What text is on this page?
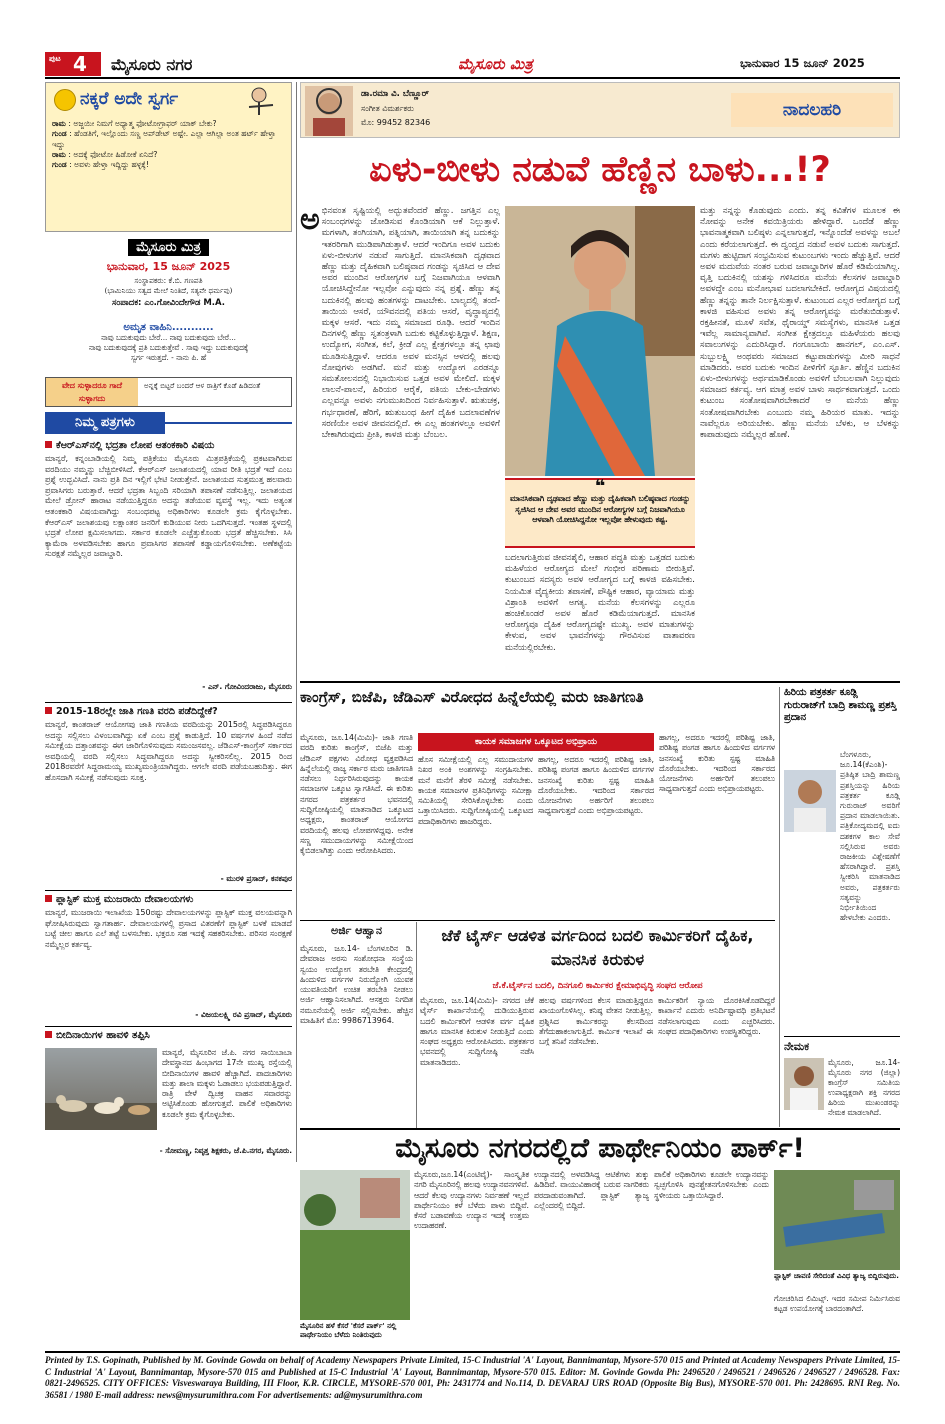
ಪುಟ 4 ಮೈಸೂರು ನಗರ	ಮೈಸೂರು ಮಿತ್ರ	ಭಾನುವಾರ 15 ಜೂನ್ 2025
ನಕ್ಕರೆ ಅದೇ ಸ್ವರ್ಗ
ರಾಮ : ಅಜ್ಜಯೀ ನಿಮಗೆ ಅಧ್ಯಾತ್ಮ ಫೋಟೋಗ್ರಾಫರ್ ಯಾಕ್ ಬೇಕು?
ಗುಂಡ : ಹೆಂಡತಿಗೆ, ಇಲ್ಲೊಂದು ಸಣ್ಣ ಅಪ್‌ಡೇಟ್ ಅಷ್ಟೇ. ಎಲ್ಲಾ ಆಗಿಲ್ಲಾ ಅಂತ ಹರ್ಟ್ ಹೇಳ್ತಾ ಇದ್ದು
ರಾಮ : ಅದಕ್ಕೆ ಫೋಟೋ ಹಿಡೋಕೆ ಏನಿದೆ?
ಗುಂಡ : ಅವಳು ಹೇಳ್ತಾ ಇದ್ದಿದ್ದು ಹಳ್ಳಕ್ಕೆ!
ಮೈಸೂರು ಮಿತ್ರ
ಭಾನುವಾರ, 15 ಜೂನ್ 2025
ಸಂಸ್ಥಾಪಕರು: ಕೆ.ಬಿ. ಗಣಪತಿ
(ಭಾಮಿನಿಯು ಸತ್ವದ ಮೇಲೆ ನಿಂತಿದೆ, ಸತ್ಯವೇ ಧರ್ಮವು)
ಸಂಪಾದಕ: ಎಂ.ಗೋವಿಂದೇಗೌಡ M.A.
ಅಮೃತ ವಾಹಿನಿ...........
ನಾವು ಬದುಕುವುದು ಬೇರೆ... ನಾವು ಬದುಕುವುದು ಬೇರೆ...
ನಾವು ಬದುಕುವುದಕ್ಕೆ ಪ್ರತಿ ಬದುಕುತ್ತೇವೆ . ಸಾವು ಇದ್ದು ಬದುಕುವುದಕ್ಕೆ
ಸ್ವರ್ಗ ಇರುತ್ತದೆ. - ನಾನು ಪಿ. ಹೆ
ವೇದ ಸುಳ್ಳಾದರೂ ಗಾದೆ ಸುಳ್ಳಾಗದು
ಅನ್ನಕ್ಕೆ ಬಿಟ್ಟರೆ ಬಂದರೆ ಆಳ ರಾತ್ರಿಗೆ ಕೊಡೆ ಹಿಡಿದಂತೆ
ನಿಮ್ಮ ಪತ್ರಗಳು
ಕೆಆರ್‌ಎಸ್‌ನಲ್ಲಿ ಭದ್ರತಾ ಲೋಪ ಆತಂಕಕಾರಿ ವಿಷಯ
ಮಾನ್ಯರೆ, ಕನ್ನಂಬಾಡಿಯಲ್ಲಿ ನಿಮ್ಮ ಪತ್ರಿಕೆಯು ಮೈಸೂರು ಮಿತ್ರಪತ್ರಿಕೆಯಲ್ಲಿ ಪ್ರಕಟವಾಗಿರುವ ವರದಿಯು ನಮ್ಮನ್ನು ಬೆಚ್ಚಿಬೀಳಿಸಿದೆ. ಕೆಆರ್‌ಎಸ್ ಜಲಾಶಯದಲ್ಲಿ ಯಾವ ರೀತಿ ಭದ್ರತೆ ಇದೆ ಎಂಬ ಪ್ರಶ್ನೆ ಉದ್ಭವಿಸಿದೆ. ನಾನು ಪ್ರತಿ ದಿನ ಇಲ್ಲಿಗೆ ಭೇಟಿ ನೀಡುತ್ತೇನೆ. ಜಲಾಶಯದ ಸುತ್ತಮುತ್ತ ಹಲವಾರು ಪ್ರವಾಸಿಗರು ಬರುತ್ತಾರೆ. ಆದರೆ ಭದ್ರತಾ ಸಿಬ್ಬಂದಿ ಸರಿಯಾಗಿ ತಪಾಸಣೆ ನಡೆಸುತ್ತಿಲ್ಲ. ಜಲಾಶಯದ ಮೇಲೆ ಡ್ರೋನ್ ಹಾರಾಟ ನಡೆಯುತ್ತಿದ್ದರೂ ಅದನ್ನು ತಡೆಯುವ ವ್ಯವಸ್ಥೆ ಇಲ್ಲ. ಇದು ಅತ್ಯಂತ ಆತಂಕಕಾರಿ ವಿಷಯವಾಗಿದ್ದು ಸಂಬಂಧಪಟ್ಟ ಅಧಿಕಾರಿಗಳು ಕೂಡಲೇ ಕ್ರಮ ಕೈಗೊಳ್ಳಬೇಕು. ಕೆಆರ್‌ಎಸ್ ಜಲಾಶಯವು ಲಕ್ಷಾಂತರ ಜನರಿಗೆ ಕುಡಿಯುವ ನೀರು ಒದಗಿಸುತ್ತದೆ. ಇಂತಹ ಸ್ಥಳದಲ್ಲಿ ಭದ್ರತೆ ಲೋಪ ಕ್ಷಮಿಸಲಾಗದು. ಸರ್ಕಾರ ಕೂಡಲೇ ಎಚ್ಚೆತ್ತುಕೊಂಡು ಭದ್ರತೆ ಹೆಚ್ಚಿಸಬೇಕು. ಸಿಸಿ ಕ್ಯಾಮೆರಾ ಅಳವಡಿಸಬೇಕು ಹಾಗೂ ಪ್ರವಾಸಿಗರ ತಪಾಸಣೆ ಕಡ್ಡಾಯಗೊಳಿಸಬೇಕು. ಅಣೆಕಟ್ಟೆಯ ಸುರಕ್ಷತೆ ನಮ್ಮೆಲ್ಲರ ಜವಾಬ್ದಾರಿ.
- ಎನ್. ಗೋವಿಂದರಾಜು, ಮೈಸೂರು
2015-18ರಲ್ಲೇ ಜಾತಿ ಗಣತಿ ವರದಿ ಪಡೆದಿದ್ದೇಕೆ?
ಮಾನ್ಯರೆ, ಕಾಂತರಾಜ್ ಆಯೋಗವು ಜಾತಿ ಗಣತಿಯ ವರದಿಯನ್ನು 2015ರಲ್ಲಿ ಸಿದ್ಧಪಡಿಸಿದ್ದರೂ ಅದನ್ನು ಸಲ್ಲಿಸಲು ವಿಳಂಬವಾಗಿದ್ದು ಏಕೆ ಎಂಬ ಪ್ರಶ್ನೆ ಕಾಡುತ್ತಿದೆ. 10 ವರ್ಷಗಳ ಹಿಂದೆ ನಡೆದ ಸಮೀಕ್ಷೆಯ ದತ್ತಾಂಶವನ್ನು ಈಗ ಜಾರಿಗೊಳಿಸುವುದು ಸಮಂಜಸವಲ್ಲ. ಜೆಡಿಎಸ್-ಕಾಂಗ್ರೆಸ್ ಸರ್ಕಾರದ ಅವಧಿಯಲ್ಲಿ ವರದಿ ಸಲ್ಲಿಸಲು ಸಿದ್ಧವಾಗಿದ್ದರೂ ಅದನ್ನು ಸ್ವೀಕರಿಸಲಿಲ್ಲ. 2015 ರಿಂದ 2018ರವರೆಗೆ ಸಿದ್ದರಾಮಯ್ಯ ಮುಖ್ಯಮಂತ್ರಿಯಾಗಿದ್ದರು. ಆಗಲೇ ವರದಿ ಪಡೆಯಬಹುದಿತ್ತು. ಈಗ ಹೊಸದಾಗಿ ಸಮೀಕ್ಷೆ ನಡೆಸುವುದು ಸೂಕ್ತ.
- ಮುರಳಿ ಪ್ರಸಾದ್, ಕನಕಪುರ
ಪ್ಲಾಸ್ಟಿಕ್ ಮುಕ್ತ ಮುಜರಾಯಿ ದೇವಾಲಯಗಳು
ಮಾನ್ಯರೆ, ಮುಜರಾಯಿ ಇಲಾಖೆಯ 150ರಷ್ಟು ದೇವಾಲಯಗಳನ್ನು ಪ್ಲಾಸ್ಟಿಕ್ ಮುಕ್ತ ವಲಯವನ್ನಾಗಿ ಘೋಷಿಸಿರುವುದು ಸ್ವಾಗತಾರ್ಹ. ದೇವಾಲಯಗಳಲ್ಲಿ ಪ್ರಸಾದ ವಿತರಣೆಗೆ ಪ್ಲಾಸ್ಟಿಕ್ ಬಳಕೆ ಮಾಡದೆ ಬಟ್ಟೆ ಚೀಲ ಹಾಗೂ ಎಲೆ ತಟ್ಟೆ ಬಳಸಬೇಕು. ಭಕ್ತರೂ ಸಹ ಇದಕ್ಕೆ ಸಹಕರಿಸಬೇಕು. ಪರಿಸರ ಸಂರಕ್ಷಣೆ ನಮ್ಮೆಲ್ಲರ ಕರ್ತವ್ಯ.
- ವಿಜಯಲಕ್ಷ್ಮಿ ರವಿ ಪ್ರಸಾದ್, ಮೈಸೂರು
ಬೀದಿನಾಯಿಗಳ ಹಾವಳಿ ತಪ್ಪಿಸಿ
ಮಾನ್ಯರೆ, ಮೈಸೂರಿನ ಜೆ.ಪಿ. ನಗರ ಸಾಯಿಬಾಬಾ ದೇವಸ್ಥಾನದ ಹಿಂಭಾಗದ 17ನೇ ಮುಖ್ಯ ರಸ್ತೆಯಲ್ಲಿ ಬೀದಿನಾಯಿಗಳ ಹಾವಳಿ ಹೆಚ್ಚಾಗಿದೆ. ಪಾದಚಾರಿಗಳು ಮತ್ತು ಶಾಲಾ ಮಕ್ಕಳು ಓಡಾಡಲು ಭಯಪಡುತ್ತಿದ್ದಾರೆ. ರಾತ್ರಿ ವೇಳೆ ದ್ವಿಚಕ್ರ ವಾಹನ ಸವಾರರನ್ನು ಅಟ್ಟಿಸಿಕೊಂಡು ಹೋಗುತ್ತವೆ. ಪಾಲಿಕೆ ಅಧಿಕಾರಿಗಳು ಕೂಡಲೇ ಕ್ರಮ ಕೈಗೊಳ್ಳಬೇಕು.
- ಸೋಮಣ್ಣ, ನಿವೃತ್ತ ಶಿಕ್ಷಕರು, ಜೆ.ಪಿ.ನಗರ, ಮೈಸೂರು.
ಡಾ.ರಮಾ ವಿ. ಬೆಣ್ಣೂರ್
ಸಂಗೀತ ವಿಮರ್ಶಕರು
ಮೊ: 99452 82346
ನಾದಲಹರಿ
ಏಳು-ಬೀಳು ನಡುವೆ ಹೆಣ್ಣಿನ ಬಾಳು...!?
ಅ ಭಿನವಂತ ಸೃಷ್ಟಿಯಲ್ಲಿ ಅದ್ಭುತವೆಂದರೆ ಹೆಣ್ಣು. ಜಗತ್ತಿನ ಎಲ್ಲ ಸಂಬಂಧಗಳನ್ನು ಜೋಡಿಸುವ ಕೊಂಡಿಯಾಗಿ ಆಕೆ ನಿಲ್ಲುತ್ತಾಳೆ. ಮಗಳಾಗಿ, ತಂಗಿಯಾಗಿ, ಪತ್ನಿಯಾಗಿ, ತಾಯಿಯಾಗಿ ತನ್ನ ಬದುಕನ್ನು ಇತರರಿಗಾಗಿ ಮುಡಿಪಾಗಿಡುತ್ತಾಳೆ. ಆದರೆ ಇಂದಿಗೂ ಅವಳ ಬದುಕು ಏಳು-ಬೀಳುಗಳ ನಡುವೆ ಸಾಗುತ್ತಿದೆ. ಮಾನಸಿಕವಾಗಿ ದೃಢವಾದ ಹೆಣ್ಣು ಮತ್ತು ದೈಹಿಕವಾಗಿ ಬಲಿಷ್ಠವಾದ ಗಂಡನ್ನು ಸೃಜಿಸಿದ ಆ ದೇವ ಅವರ ಮುಂದಿನ ಆರೋಗ್ಯಗಳ ಬಗ್ಗೆ ನಿಜವಾಗಿಯೂ ಆಳವಾಗಿ ಯೋಚಿಸಿದ್ದೇನೋ ಇಲ್ಲವೋ ಎನ್ನುವುದು ನನ್ನ ಪ್ರಶ್ನೆ. ಹೆಣ್ಣು ತನ್ನ ಬದುಕಿನಲ್ಲಿ ಹಲವು ಹಂತಗಳನ್ನು ದಾಟಬೇಕು. ಬಾಲ್ಯದಲ್ಲಿ ತಂದೆ-ತಾಯಿಯ ಆಸರೆ, ಯೌವನದಲ್ಲಿ ಪತಿಯ ಆಸರೆ, ವೃದ್ಧಾಪ್ಯದಲ್ಲಿ ಮಕ್ಕಳ ಆಸರೆ. ಇದು ನಮ್ಮ ಸಮಾಜದ ರೂಢಿ. ಆದರೆ ಇಂದಿನ ದಿನಗಳಲ್ಲಿ ಹೆಣ್ಣು ಸ್ವತಂತ್ರಳಾಗಿ ಬದುಕು ಕಟ್ಟಿಕೊಳ್ಳುತ್ತಿದ್ದಾಳೆ. ಶಿಕ್ಷಣ, ಉದ್ಯೋಗ, ಸಂಗೀತ, ಕಲೆ, ಕ್ರೀಡೆ ಎಲ್ಲ ಕ್ಷೇತ್ರಗಳಲ್ಲೂ ತನ್ನ ಛಾಪು ಮೂಡಿಸುತ್ತಿದ್ದಾಳೆ. ಆದರೂ ಅವಳ ಮನಸ್ಸಿನ ಆಳದಲ್ಲಿ ಹಲವು ನೋವುಗಳು ಅಡಗಿವೆ. ಮನೆ ಮತ್ತು ಉದ್ಯೋಗ ಎರಡನ್ನೂ ಸಮತೋಲನದಲ್ಲಿ ನಿಭಾಯಿಸುವ ಒತ್ತಡ ಅವಳ ಮೇಲಿದೆ. ಮಕ್ಕಳ ಲಾಲನೆ-ಪಾಲನೆ, ಹಿರಿಯರ ಆರೈಕೆ, ಪತಿಯ ಬೇಕು-ಬೇಡಗಳು ಎಲ್ಲವನ್ನೂ ಅವಳು ನಗುಮುಖದಿಂದ ನಿರ್ವಹಿಸುತ್ತಾಳೆ. ಋತುಚಕ್ರ, ಗರ್ಭಧಾರಣೆ, ಹೆರಿಗೆ, ಋತುಬಂಧ ಹೀಗೆ ದೈಹಿಕ ಬದಲಾವಣೆಗಳ ಸರಣಿಯೇ ಅವಳ ಜೀವನದಲ್ಲಿದೆ. ಈ ಎಲ್ಲ ಹಂತಗಳಲ್ಲೂ ಅವಳಿಗೆ ಬೇಕಾಗಿರುವುದು ಪ್ರೀತಿ, ಕಾಳಜಿ ಮತ್ತು ಬೆಂಬಲ.
❝
ಮಾನಸಿಕವಾಗಿ ದೃಢವಾದ ಹೆಣ್ಣು ಮತ್ತು ದೈಹಿಕವಾಗಿ ಬಲಿಷ್ಠವಾದ ಗಂಡನ್ನು ಸೃಜಿಸಿದ ಆ ದೇವ ಅವರ ಮುಂದಿನ ಆರೋಗ್ಯಗಳ ಬಗ್ಗೆ ನಿಜವಾಗಿಯೂ ಆಳವಾಗಿ ಯೋಚಿಸಿದ್ದನೋ ಇಲ್ಲವೋ ಹೇಳುವುದು ಕಷ್ಟ.
ಬದಲಾಗುತ್ತಿರುವ ಜೀವನಶೈಲಿ, ಆಹಾರ ಪದ್ಧತಿ ಮತ್ತು ಒತ್ತಡದ ಬದುಕು ಮಹಿಳೆಯರ ಆರೋಗ್ಯದ ಮೇಲೆ ಗಂಭೀರ ಪರಿಣಾಮ ಬೀರುತ್ತಿವೆ. ಕುಟುಂಬದ ಸದಸ್ಯರು ಅವಳ ಆರೋಗ್ಯದ ಬಗ್ಗೆ ಕಾಳಜಿ ವಹಿಸಬೇಕು. ನಿಯಮಿತ ವೈದ್ಯಕೀಯ ತಪಾಸಣೆ, ಪೌಷ್ಟಿಕ ಆಹಾರ, ವ್ಯಾಯಾಮ ಮತ್ತು ವಿಶ್ರಾಂತಿ ಅವಳಿಗೆ ಅಗತ್ಯ. ಮನೆಯ ಕೆಲಸಗಳನ್ನು ಎಲ್ಲರೂ ಹಂಚಿಕೊಂಡರೆ ಅವಳ ಹೊರೆ ಕಡಿಮೆಯಾಗುತ್ತದೆ. ಮಾನಸಿಕ ಆರೋಗ್ಯವೂ ದೈಹಿಕ ಆರೋಗ್ಯದಷ್ಟೇ ಮುಖ್ಯ. ಅವಳ ಮಾತುಗಳನ್ನು ಕೇಳುವ, ಅವಳ ಭಾವನೆಗಳನ್ನು ಗೌರವಿಸುವ ವಾತಾವರಣ ಮನೆಯಲ್ಲಿರಬೇಕು.
ಮತ್ತು ನನ್ನನ್ನು ಕೊಡುವುದು ಎಂದು. ತನ್ನ ಕವಿತೆಗಳ ಮೂಲಕ ಈ ನೋವನ್ನು ಅನೇಕ ಕವಯಿತ್ರಿಯರು ಹೇಳಿದ್ದಾರೆ. ಒಂದೆಡೆ ಹೆಣ್ಣು ಭಾವನಾತ್ಮಕವಾಗಿ ಬಲಿಷ್ಠಳು ಎನ್ನಲಾಗುತ್ತದೆ, ಇನ್ನೊಂದೆಡೆ ಅವಳನ್ನು ಅಬಲೆ ಎಂದು ಕರೆಯಲಾಗುತ್ತದೆ. ಈ ದ್ವಂದ್ವದ ನಡುವೆ ಅವಳ ಬದುಕು ಸಾಗುತ್ತದೆ. ಮಗಳು ಹುಟ್ಟಿದಾಗ ಸಂಭ್ರಮಿಸುವ ಕುಟುಂಬಗಳು ಇಂದು ಹೆಚ್ಚುತ್ತಿವೆ. ಆದರೆ ಅವಳ ಮದುವೆಯ ನಂತರ ಬರುವ ಜವಾಬ್ದಾರಿಗಳ ಹೊರೆ ಕಡಿಮೆಯಾಗಿಲ್ಲ. ವೃತ್ತಿ ಬದುಕಿನಲ್ಲಿ ಯಶಸ್ಸು ಗಳಿಸಿದರೂ ಮನೆಯ ಕೆಲಸಗಳ ಜವಾಬ್ದಾರಿ ಅವಳದ್ದೇ ಎಂಬ ಮನೋಭಾವ ಬದಲಾಗಬೇಕಿದೆ. ಆರೋಗ್ಯದ ವಿಷಯದಲ್ಲಿ ಹೆಣ್ಣು ತನ್ನನ್ನು ತಾನೇ ನಿರ್ಲಕ್ಷಿಸುತ್ತಾಳೆ. ಕುಟುಂಬದ ಎಲ್ಲರ ಆರೋಗ್ಯದ ಬಗ್ಗೆ ಕಾಳಜಿ ವಹಿಸುವ ಅವಳು ತನ್ನ ಆರೋಗ್ಯವನ್ನು ಮರೆತುಬಿಡುತ್ತಾಳೆ. ರಕ್ತಹೀನತೆ, ಮೂಳೆ ಸವೆತ, ಥೈರಾಯ್ಡ್ ಸಮಸ್ಯೆಗಳು, ಮಾನಸಿಕ ಒತ್ತಡ ಇವೆಲ್ಲ ಸಾಮಾನ್ಯವಾಗಿವೆ. ಸಂಗೀತ ಕ್ಷೇತ್ರದಲ್ಲೂ ಮಹಿಳೆಯರು ಹಲವು ಸವಾಲುಗಳನ್ನು ಎದುರಿಸಿದ್ದಾರೆ. ಗಂಗೂಬಾಯಿ ಹಾನಗಲ್, ಎಂ.ಎಸ್. ಸುಬ್ಬುಲಕ್ಷ್ಮಿ ಅಂಥವರು ಸಮಾಜದ ಕಟ್ಟುಪಾಡುಗಳನ್ನು ಮೀರಿ ಸಾಧನೆ ಮಾಡಿದರು. ಅವರ ಬದುಕು ಇಂದಿನ ಪೀಳಿಗೆಗೆ ಸ್ಫೂರ್ತಿ. ಹೆಣ್ಣಿನ ಬದುಕಿನ ಏಳು-ಬೀಳುಗಳನ್ನು ಅರ್ಥಮಾಡಿಕೊಂಡು ಅವಳಿಗೆ ಬೆಂಬಲವಾಗಿ ನಿಲ್ಲುವುದು ಸಮಾಜದ ಕರ್ತವ್ಯ. ಆಗ ಮಾತ್ರ ಅವಳ ಬಾಳು ಸಾರ್ಥಕವಾಗುತ್ತದೆ. ಒಂದು ಕುಟುಂಬ ಸಂತೋಷವಾಗಿರಬೇಕಾದರೆ ಆ ಮನೆಯ ಹೆಣ್ಣು ಸಂತೋಷವಾಗಿರಬೇಕು ಎಂಬುದು ನಮ್ಮ ಹಿರಿಯರ ಮಾತು. ಇದನ್ನು ನಾವೆಲ್ಲರೂ ಅರಿಯಬೇಕು. ಹೆಣ್ಣು ಮನೆಯ ಬೆಳಕು, ಆ ಬೆಳಕನ್ನು ಕಾಪಾಡುವುದು ನಮ್ಮೆಲ್ಲರ ಹೊಣೆ.
ಕಾಂಗ್ರೆಸ್, ಬಿಜೆಪಿ, ಜೆಡಿಎಸ್ ವಿರೋಧದ ಹಿನ್ನೆಲೆಯಲ್ಲಿ ಮರು ಜಾತಿಗಣತಿ
ಮೈಸೂರು, ಜೂ.14(ಮಿಮಿ)- ಜಾತಿ ಗಣತಿ ವರದಿ ಕುರಿತು ಕಾಂಗ್ರೆಸ್, ಬಿಜೆಪಿ ಮತ್ತು ಜೆಡಿಎಸ್ ಪಕ್ಷಗಳು ವಿರೋಧ ವ್ಯಕ್ತಪಡಿಸಿದ ಹಿನ್ನೆಲೆಯಲ್ಲಿ ರಾಜ್ಯ ಸರ್ಕಾರ ಮರು ಜಾತಿಗಣತಿ ನಡೆಸಲು ನಿರ್ಧರಿಸಿರುವುದನ್ನು ಕಾಯಕ ಸಮಾಜಗಳ ಒಕ್ಕೂಟ ಸ್ವಾಗತಿಸಿದೆ. ಈ ಕುರಿತು ನಗರದ ಪತ್ರಕರ್ತರ ಭವನದಲ್ಲಿ ಸುದ್ದಿಗೋಷ್ಠಿಯಲ್ಲಿ ಮಾತನಾಡಿದ ಒಕ್ಕೂಟದ ಅಧ್ಯಕ್ಷರು, ಕಾಂತರಾಜ್ ಆಯೋಗದ ವರದಿಯಲ್ಲಿ ಹಲವು ಲೋಪಗಳಿದ್ದವು. ಅನೇಕ ಸಣ್ಣ ಸಮುದಾಯಗಳನ್ನು ಸಮೀಕ್ಷೆಯಿಂದ ಕೈಬಿಡಲಾಗಿತ್ತು ಎಂದು ಆರೋಪಿಸಿದರು.
ಕಾಯಕ ಸಮಾಜಗಳ ಒಕ್ಕೂಟದ ಅಭಿಪ್ರಾಯ
ಹೊಸ ಸಮೀಕ್ಷೆಯಲ್ಲಿ ಎಲ್ಲ ಸಮುದಾಯಗಳ ನಿಖರ ಅಂಕಿ ಅಂಶಗಳನ್ನು ಸಂಗ್ರಹಿಸಬೇಕು. ಮನೆ ಮನೆಗೆ ತೆರಳಿ ಸಮೀಕ್ಷೆ ನಡೆಸಬೇಕು. ಕಾಯಕ ಸಮಾಜಗಳ ಪ್ರತಿನಿಧಿಗಳನ್ನು ಸಮೀಕ್ಷಾ ಸಮಿತಿಯಲ್ಲಿ ಸೇರಿಸಿಕೊಳ್ಳಬೇಕು ಎಂದು ಒತ್ತಾಯಿಸಿದರು. ಸುದ್ದಿಗೋಷ್ಠಿಯಲ್ಲಿ ಒಕ್ಕೂಟದ ಪದಾಧಿಕಾರಿಗಳು ಹಾಜರಿದ್ದರು.
ಹಾಗಲ್ಲ, ಅದರೂ ಇದರಲ್ಲಿ ಪರಿಶಿಷ್ಟ ಜಾತಿ, ಪರಿಶಿಷ್ಟ ಪಂಗಡ ಹಾಗೂ ಹಿಂದುಳಿದ ವರ್ಗಗಳ ಜನಸಂಖ್ಯೆ ಕುರಿತು ಸ್ಪಷ್ಟ ಮಾಹಿತಿ ದೊರೆಯಬೇಕು. ಇದರಿಂದ ಸರ್ಕಾರದ ಯೋಜನೆಗಳು ಅರ್ಹರಿಗೆ ತಲುಪಲು ಸಾಧ್ಯವಾಗುತ್ತದೆ ಎಂದು ಅಭಿಪ್ರಾಯಪಟ್ಟರು.
ಹಾಗಲ್ಲ, ಅದರೂ ಇದರಲ್ಲಿ ಪರಿಶಿಷ್ಟ ಜಾತಿ, ಪರಿಶಿಷ್ಟ ಪಂಗಡ ಹಾಗೂ ಹಿಂದುಳಿದ ವರ್ಗಗಳ ಜನಸಂಖ್ಯೆ ಕುರಿತು ಸ್ಪಷ್ಟ ಮಾಹಿತಿ ದೊರೆಯಬೇಕು. ಇದರಿಂದ ಸರ್ಕಾರದ ಯೋಜನೆಗಳು ಅರ್ಹರಿಗೆ ತಲುಪಲು ಸಾಧ್ಯವಾಗುತ್ತದೆ ಎಂದು ಅಭಿಪ್ರಾಯಪಟ್ಟರು.
ಹಿರಿಯ ಪತ್ರಕರ್ತ ಕೂಡ್ಲಿ ಗುರುರಾಜ್‌ಗೆ ಬಾದ್ರಿ ಶಾಮಣ್ಣ ಪ್ರಶಸ್ತಿ ಪ್ರದಾನ
ಬೆಂಗಳೂರು, ಜೂ.14(ಕೆಎಂಶಿ)- ಪ್ರತಿಷ್ಠಿತ ಬಾದ್ರಿ ಶಾಮಣ್ಣ ಪ್ರಶಸ್ತಿಯನ್ನು ಹಿರಿಯ ಪತ್ರಕರ್ತ ಕೂಡ್ಲಿ ಗುರುರಾಜ್ ಅವರಿಗೆ ಪ್ರದಾನ ಮಾಡಲಾಯಿತು. ಪತ್ರಿಕೋದ್ಯಮದಲ್ಲಿ ಐದು ದಶಕಗಳ ಕಾಲ ಸೇವೆ ಸಲ್ಲಿಸಿರುವ ಅವರು ರಾಜಕೀಯ ವಿಶ್ಲೇಷಣೆಗೆ ಹೆಸರಾಗಿದ್ದಾರೆ. ಪ್ರಶಸ್ತಿ ಸ್ವೀಕರಿಸಿ ಮಾತನಾಡಿದ ಅವರು, ಪತ್ರಕರ್ತರು ಸತ್ಯವನ್ನು ನಿರ್ಭೀತಿಯಿಂದ ಹೇಳಬೇಕು ಎಂದರು.
ನೇಮಕ
ಮೈಸೂರು, ಜೂ.14- ಮೈಸೂರು ನಗರ (ಜಿಲ್ಲಾ) ಕಾಂಗ್ರೆಸ್ ಸಮಿತಿಯ ಉಪಾಧ್ಯಕ್ಷರಾಗಿ ಶಕ್ತಿ ನಗರದ ಹಿರಿಯ ಮುಖಂಡರನ್ನು ನೇಮಕ ಮಾಡಲಾಗಿದೆ.
ಅರ್ಜಿ ಆಹ್ವಾನ
ಮೈಸೂರು, ಜೂ.14- ಬೆಂಗಳೂರಿನ ಡಿ. ದೇವರಾಜ ಅರಸು ಸಂಶೋಧನಾ ಸಂಸ್ಥೆಯ ಸ್ವಯಂ ಉದ್ಯೋಗ ತರಬೇತಿ ಕೇಂದ್ರದಲ್ಲಿ ಹಿಂದುಳಿದ ವರ್ಗಗಳ ನಿರುದ್ಯೋಗಿ ಯುವಕ ಯುವತಿಯರಿಗೆ ಉಚಿತ ತರಬೇತಿ ನೀಡಲು ಅರ್ಜಿ ಆಹ್ವಾನಿಸಲಾಗಿದೆ. ಆಸಕ್ತರು ನಿಗದಿತ ನಮೂನೆಯಲ್ಲಿ ಅರ್ಜಿ ಸಲ್ಲಿಸಬೇಕು. ಹೆಚ್ಚಿನ ಮಾಹಿತಿಗೆ ಮೊ: 9986713964.
ಜೆಕೆ ಟೈರ್ಸ್ ಆಡಳಿತ ವರ್ಗದಿಂದ ಬದಲಿ ಕಾರ್ಮಿಕರಿಗೆ ದೈಹಿಕ, ಮಾನಸಿಕ ಕಿರುಕುಳ
ಜೆ.ಕೆ.ಟೈರ್ಸ್‌ನ ಬದಲಿ, ದಿನಗೂಲಿ ಕಾರ್ಮಿಕರ ಕ್ಷೇಮಾಭಿವೃದ್ಧಿ ಸಂಘದ ಆರೋಪ
ಮೈಸೂರು, ಜೂ.14(ಮಿಮಿ)- ನಗರದ ಜೆಕೆ ಟೈರ್ಸ್ ಕಾರ್ಖಾನೆಯಲ್ಲಿ ದುಡಿಯುತ್ತಿರುವ ಬದಲಿ ಕಾರ್ಮಿಕರಿಗೆ ಆಡಳಿತ ವರ್ಗ ದೈಹಿಕ ಹಾಗೂ ಮಾನಸಿಕ ಕಿರುಕುಳ ನೀಡುತ್ತಿದೆ ಎಂದು ಸಂಘದ ಅಧ್ಯಕ್ಷರು ಆರೋಪಿಸಿದರು. ಪತ್ರಕರ್ತರ ಭವನದಲ್ಲಿ ಸುದ್ದಿಗೋಷ್ಠಿ ನಡೆಸಿ ಮಾತನಾಡಿದರು.
ಹಲವು ವರ್ಷಗಳಿಂದ ಕೆಲಸ ಮಾಡುತ್ತಿದ್ದರೂ ಖಾಯಂಗೊಳಿಸಿಲ್ಲ. ಕನಿಷ್ಠ ವೇತನ ನೀಡುತ್ತಿಲ್ಲ. ಪ್ರಶ್ನಿಸಿದ ಕಾರ್ಮಿಕರನ್ನು ಕೆಲಸದಿಂದ ತೆಗೆದುಹಾಕಲಾಗುತ್ತಿದೆ. ಕಾರ್ಮಿಕ ಇಲಾಖೆ ಈ ಬಗ್ಗೆ ತನಿಖೆ ನಡೆಸಬೇಕು.
ಕಾರ್ಮಿಕರಿಗೆ ನ್ಯಾಯ ದೊರಕಿಸಿಕೊಡದಿದ್ದರೆ ಕಾರ್ಖಾನೆ ಎದುರು ಅನಿರ್ದಿಷ್ಟಾವಧಿ ಪ್ರತಿಭಟನೆ ನಡೆಸಲಾಗುವುದು ಎಂದು ಎಚ್ಚರಿಸಿದರು. ಸಂಘದ ಪದಾಧಿಕಾರಿಗಳು ಉಪಸ್ಥಿತರಿದ್ದರು.
ಮೈಸೂರು ನಗರದಲ್ಲಿದೆ ಪಾರ್ಥೇನಿಯಂ ಪಾರ್ಕ್!
ಮೈಸೂರಿನ ಹಳೆ ಕೆಸರೆ 'ಕೆಸರೆ ಪಾರ್ಕ್' ನಲ್ಲಿ ಪಾರ್ಥೇನಿಯಂ ಬೆಳೆದು ನಿಂತಿರುವುದು
ಮೈಸೂರು,ಜೂ.14(ಎಂಟಿವೈ)- ಸಾಂಸ್ಕೃತಿಕ ನಗರಿ ಮೈಸೂರಿನಲ್ಲಿ ಹಲವು ಉದ್ಯಾನವನಗಳಿವೆ. ಆದರೆ ಕೆಲವು ಉದ್ಯಾನಗಳು ನಿರ್ವಹಣೆ ಇಲ್ಲದೆ ಪಾರ್ಥೇನಿಯಂ ಕಳೆ ಬೆಳೆದು ಪಾಳು ಬಿದ್ದಿವೆ. ಕೆಸರೆ ಬಡಾವಣೆಯ ಉದ್ಯಾನ ಇದಕ್ಕೆ ಉತ್ತಮ ಉದಾಹರಣೆ.
ಉದ್ಯಾನದಲ್ಲಿ ಅಳವಡಿಸಿದ್ದ ಆಟಿಕೆಗಳು ತುಕ್ಕು ಹಿಡಿದಿವೆ. ವಾಯುವಿಹಾರಕ್ಕೆ ಬರುವ ನಾಗರಿಕರು ಪರದಾಡುವಂತಾಗಿದೆ. ಪ್ಲಾಸ್ಟಿಕ್ ತ್ಯಾಜ್ಯ ಎಲ್ಲೆಂದರಲ್ಲಿ ಬಿದ್ದಿದೆ.
ಪಾಲಿಕೆ ಅಧಿಕಾರಿಗಳು ಕೂಡಲೇ ಉದ್ಯಾನವನ್ನು ಸ್ವಚ್ಛಗೊಳಿಸಿ ಪುನಶ್ಚೇತನಗೊಳಿಸಬೇಕು ಎಂದು ಸ್ಥಳೀಯರು ಒತ್ತಾಯಿಸಿದ್ದಾರೆ.
ಪ್ಲಾಸ್ಟಿಕ್ ಚಾವಣಿ ಸೇರಿದಂತೆ ವಿವಿಧ ತ್ಯಾಜ್ಯ ಬಿದ್ದಿರುವುದು.
ಗೋಚರಿಸಿದ ಲಿಮಿಟ್ಸ್. ಇದರ ಸಮೀಪ ನಿರ್ಮಿಸಿರುವ ಕಟ್ಟಡ ಉಪಯೋಗಕ್ಕೆ ಬಾರದಂತಾಗಿದೆ.
Printed by T.S. Gopinath, Published by M. Govinde Gowda on behalf of Academy Newspapers Private Limited, 15-C Industrial 'A' Layout, Bannimantap, Mysore-570 015 and Printed at Academy Newspapers Private Limited, 15-C Industrial 'A' Layout, Bannimantap, Mysore-570 015 and Published at 15-C Industrial 'A' Layout, Bannimantap, Mysore-570 015. Editor: M. Govinde Gowda Ph: 2496520 / 2496521 / 2496526 / 2496527 / 2496528. Fax: 0821-2496525. CITY OFFICES: Visveswaraya Building, III Floor, K.R. CIRCLE, MYSORE-570 001, Ph: 2431774 and No.114, D. DEVARAJ URS ROAD (Opposite Big Bus), MYSORE-570 001. Ph: 2428695. RNI Reg. No. 36581 / 1980 E-mail address: news@mysurumithra.com For advertisements: ad@mysurumithra.com
